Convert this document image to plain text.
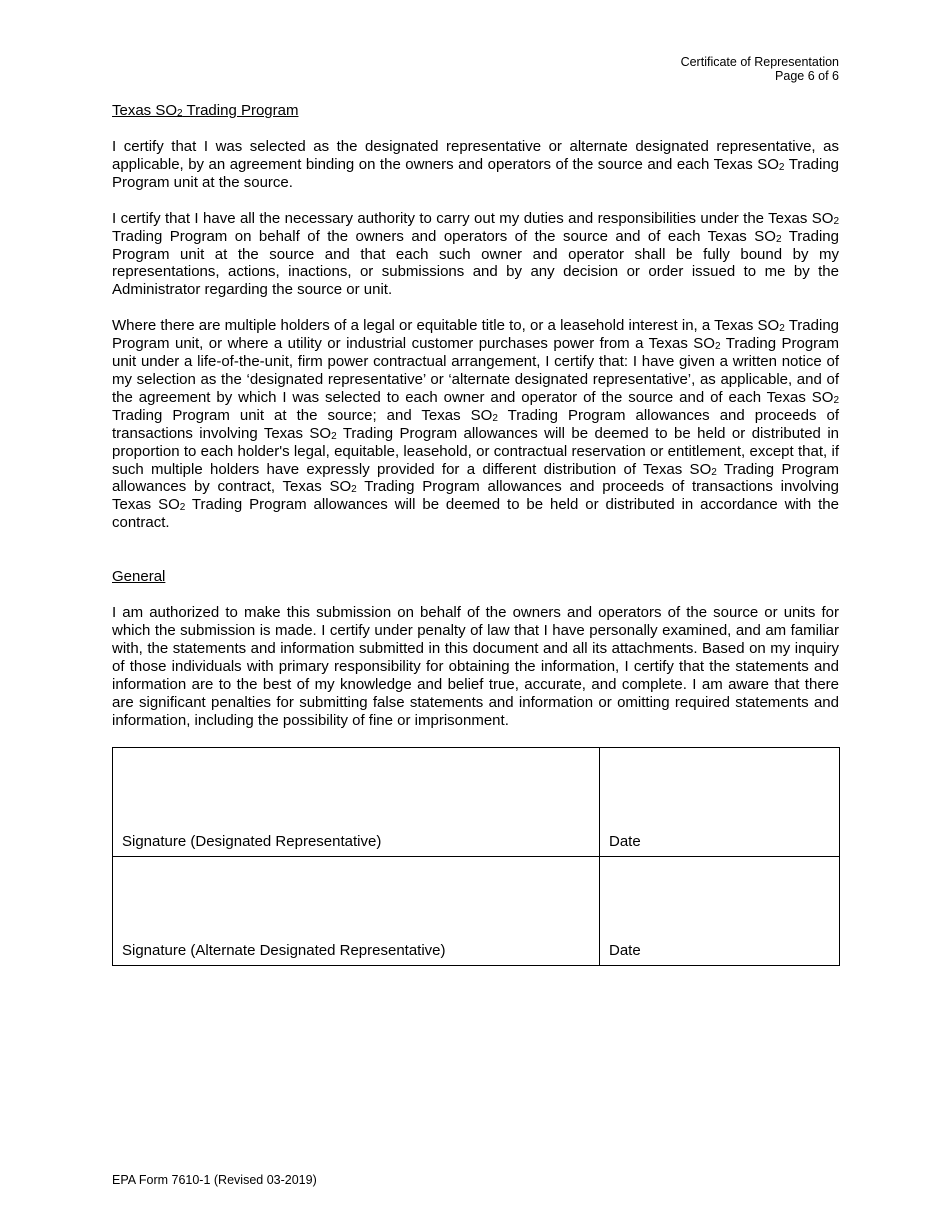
Certificate of Representation
Page 6 of 6
Texas $SO_2$ Trading Program

I certify that I was selected as the designated representative or alternate designated representative, as applicable, by an agreement binding on the owners and operators of the source and each Texas $SO_2$ Trading Program unit at the source.

I certify that I have all the necessary authority to carry out my duties and responsibilities under the Texas $SO_2$ Trading Program on behalf of the owners and operators of the source and of each Texas $SO_2$ Trading Program unit at the source and that each such owner and operator shall be fully bound by my representations, actions, inactions, or submissions and by any decision or order issued to me by the Administrator regarding the source or unit.

Where there are multiple holders of a legal or equitable title to, or a leasehold interest in, a Texas $SO_2$ Trading Program unit, or where a utility or industrial customer purchases power from a Texas $SO_2$ Trading Program unit under a life-of-the-unit, firm power contractual arrangement, I certify that: I have given a written notice of my selection as the ‘designated representative’ or ‘alternate designated representative’, as applicable, and of the agreement by which I was selected to each owner and operator of the source and of each Texas $SO_2$ Trading Program unit at the source; and Texas $SO_2$ Trading Program allowances and proceeds of transactions involving Texas $SO_2$ Trading Program allowances will be deemed to be held or distributed in proportion to each holder's legal, equitable, leasehold, or contractual reservation or entitlement, except that, if such multiple holders have expressly provided for a different distribution of Texas $SO_2$ Trading Program allowances by contract, Texas $SO_2$ Trading Program allowances and proceeds of transactions involving Texas $SO_2$ Trading Program allowances will be deemed to be held or distributed in accordance with the contract.

General

I am authorized to make this submission on behalf of the owners and operators of the source or units for which the submission is made. I certify under penalty of law that I have personally examined, and am familiar with, the statements and information submitted in this document and all its attachments. Based on my inquiry of those individuals with primary responsibility for obtaining the information, I certify that the statements and information are to the best of my knowledge and belief true, accurate, and complete. I am aware that there are significant penalties for submitting false statements and information or omitting required statements and information, including the possibility of fine or imprisonment.

Signature (Designated Representative)	Date
Signature (Alternate Designated Representative)	Date
EPA Form 7610-1 (Revised 03-2019)
